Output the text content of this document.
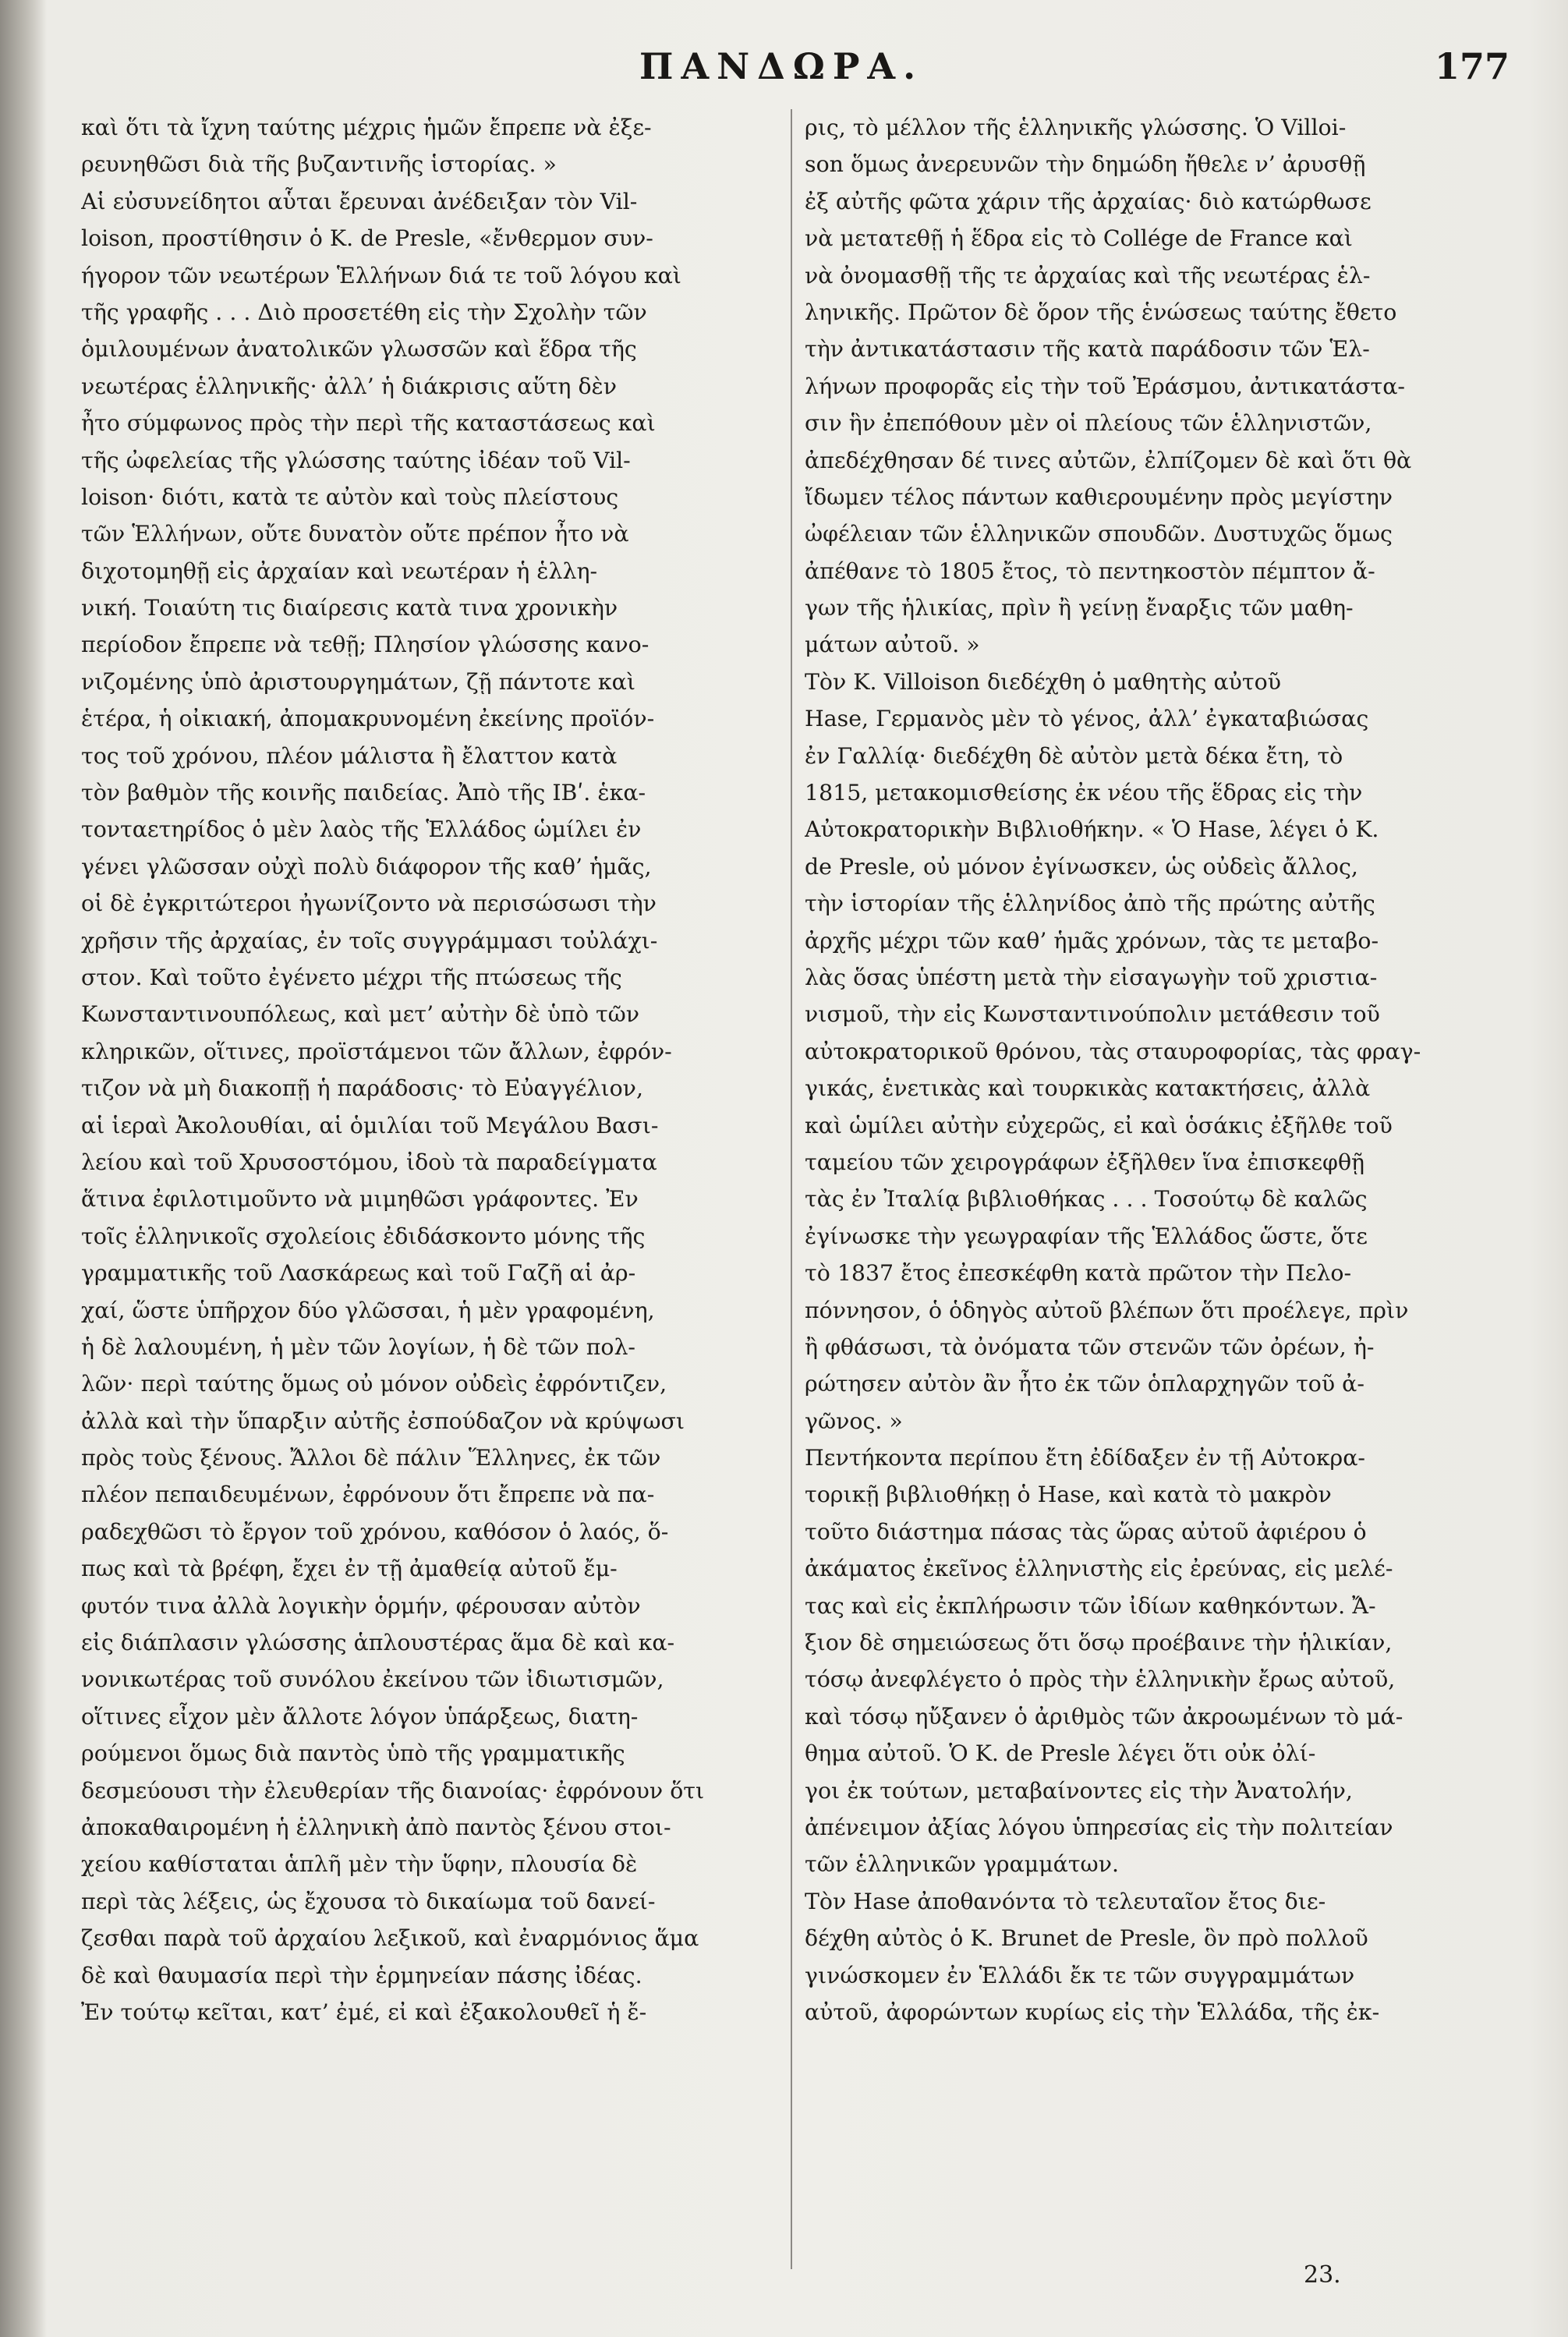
ΠΑΝΔΩΡΑ.	177
καὶ ὅτι τὰ ἴχνη ταύτης μέχρις ἡμῶν ἔπρεπε νὰ ἐξε-
ρευνηθῶσι διὰ τῆς βυζαντινῆς ἱστορίας. »
Αἱ εὐσυνείδητοι αὗται ἔρευναι ἀνέδειξαν τὸν Vil-
loison, προστίθησιν ὁ Κ. de Presle, «ἔνθερμον συν-
ήγορον τῶν νεωτέρων Ἑλλήνων διά τε τοῦ λόγου καὶ
τῆς γραφῆς . . . Διὸ προσετέθη εἰς τὴν Σχολὴν τῶν
ὁμιλουμένων ἀνατολικῶν γλωσσῶν καὶ ἕδρα τῆς
νεωτέρας ἑλληνικῆς· ἀλλ’ ἡ διάκρισις αὕτη δὲν
ἦτο σύμφωνος πρὸς τὴν περὶ τῆς καταστάσεως καὶ
τῆς ὠφελείας τῆς γλώσσης ταύτης ἰδέαν τοῦ Vil-
loison· διότι, κατὰ τε αὐτὸν καὶ τοὺς πλείστους
τῶν Ἑλλήνων, οὔτε δυνατὸν οὔτε πρέπον ἦτο νὰ
διχοτομηθῇ εἰς ἀρχαίαν καὶ νεωτέραν ἡ ἑλλη-
νική. Τοιαύτη τις διαίρεσις κατὰ τινα χρονικὴν
περίοδον ἔπρεπε νὰ τεθῇ; Πλησίον γλώσσης κανο-
νιζομένης ὑπὸ ἀριστουργημάτων, ζῇ πάντοτε καὶ
ἑτέρα, ἡ οἰκιακή, ἀπομακρυνομένη ἐκείνης προϊόν-
τος τοῦ χρόνου, πλέον μάλιστα ἢ ἔλαττον κατὰ
τὸν βαθμὸν τῆς κοινῆς παιδείας. Ἀπὸ τῆς ΙΒʹ. ἑκα-
τονταετηρίδος ὁ μὲν λαὸς τῆς Ἑλλάδος ὡμίλει ἐν
γένει γλῶσσαν οὐχὶ πολὺ διάφορον τῆς καθ’ ἡμᾶς,
οἱ δὲ ἐγκριτώτεροι ἠγωνίζοντο νὰ περισώσωσι τὴν
χρῆσιν τῆς ἀρχαίας, ἐν τοῖς συγγράμμασι τοὐλάχι-
στον. Καὶ τοῦτο ἐγένετο μέχρι τῆς πτώσεως τῆς
Κωνσταντινουπόλεως, καὶ μετ’ αὐτὴν δὲ ὑπὸ τῶν
κληρικῶν, οἵτινες, προϊστάμενοι τῶν ἄλλων, ἐφρόν-
τιζον νὰ μὴ διακοπῇ ἡ παράδοσις· τὸ Εὐαγγέλιον,
αἱ ἱεραὶ Ἀκολουθίαι, αἱ ὁμιλίαι τοῦ Μεγάλου Βασι-
λείου καὶ τοῦ Χρυσοστόμου, ἰδοὺ τὰ παραδείγματα
ἅτινα ἐφιλοτιμοῦντο νὰ μιμηθῶσι γράφοντες. Ἐν
τοῖς ἑλληνικοῖς σχολείοις ἐδιδάσκοντο μόνης τῆς
γραμματικῆς τοῦ Λασκάρεως καὶ τοῦ Γαζῆ αἱ ἀρ-
χαί, ὥστε ὑπῆρχον δύο γλῶσσαι, ἡ μὲν γραφομένη,
ἡ δὲ λαλουμένη, ἡ μὲν τῶν λογίων, ἡ δὲ τῶν πολ-
λῶν· περὶ ταύτης ὅμως οὐ μόνον οὐδεὶς ἐφρόντιζεν,
ἀλλὰ καὶ τὴν ὕπαρξιν αὐτῆς ἐσπούδαζον νὰ κρύψωσι
πρὸς τοὺς ξένους. Ἄλλοι δὲ πάλιν Ἕλληνες, ἐκ τῶν
πλέον πεπαιδευμένων, ἐφρόνουν ὅτι ἔπρεπε νὰ πα-
ραδεχθῶσι τὸ ἔργον τοῦ χρόνου, καθόσον ὁ λαός, ὅ-
πως καὶ τὰ βρέφη, ἔχει ἐν τῇ ἀμαθείᾳ αὐτοῦ ἔμ-
φυτόν τινα ἀλλὰ λογικὴν ὁρμήν, φέρουσαν αὐτὸν
εἰς διάπλασιν γλώσσης ἁπλουστέρας ἅμα δὲ καὶ κα-
νονικωτέρας τοῦ συνόλου ἐκείνου τῶν ἰδιωτισμῶν,
οἵτινες εἶχον μὲν ἄλλοτε λόγον ὑπάρξεως, διατη-
ρούμενοι ὅμως διὰ παντὸς ὑπὸ τῆς γραμματικῆς
δεσμεύουσι τὴν ἐλευθερίαν τῆς διανοίας· ἐφρόνουν ὅτι
ἀποκαθαιρομένη ἡ ἑλληνικὴ ἀπὸ παντὸς ξένου στοι-
χείου καθίσταται ἁπλῆ μὲν τὴν ὕφην, πλουσία δὲ
περὶ τὰς λέξεις, ὡς ἔχουσα τὸ δικαίωμα τοῦ δανεί-
ζεσθαι παρὰ τοῦ ἀρχαίου λεξικοῦ, καὶ ἐναρμόνιος ἅμα
δὲ καὶ θαυμασία περὶ τὴν ἑρμηνείαν πάσης ἰδέας.
Ἐν τούτῳ κεῖται, κατ’ ἐμέ, εἰ καὶ ἐξακολουθεῖ ἡ ἔ-
ρις, τὸ μέλλον τῆς ἑλληνικῆς γλώσσης. Ὁ Villoi-
son ὅμως ἀνερευνῶν τὴν δημώδη ἤθελε ν’ ἀρυσθῇ
ἐξ αὐτῆς φῶτα χάριν τῆς ἀρχαίας· διὸ κατώρθωσε
νὰ μετατεθῇ ἡ ἕδρα εἰς τὸ Collége de France καὶ
νὰ ὀνομασθῇ τῆς τε ἀρχαίας καὶ τῆς νεωτέρας ἑλ-
ληνικῆς. Πρῶτον δὲ ὅρον τῆς ἑνώσεως ταύτης ἔθετο
τὴν ἀντικατάστασιν τῆς κατὰ παράδοσιν τῶν Ἑλ-
λήνων προφορᾶς εἰς τὴν τοῦ Ἐράσμου, ἀντικατάστα-
σιν ἣν ἐπεπόθουν μὲν οἱ πλείους τῶν ἑλληνιστῶν,
ἀπεδέχθησαν δέ τινες αὐτῶν, ἐλπίζομεν δὲ καὶ ὅτι θὰ
ἴδωμεν τέλος πάντων καθιερουμένην πρὸς μεγίστην
ὠφέλειαν τῶν ἑλληνικῶν σπουδῶν. Δυστυχῶς ὅμως
ἀπέθανε τὸ 1805 ἔτος, τὸ πεντηκοστὸν πέμπτον ἄ-
γων τῆς ἡλικίας, πρὶν ἢ γείνῃ ἔναρξις τῶν μαθη-
μάτων αὐτοῦ. »
Τὸν Κ. Villoison διεδέχθη ὁ μαθητὴς αὐτοῦ
Hase, Γερμανὸς μὲν τὸ γένος, ἀλλ’ ἐγκαταβιώσας
ἐν Γαλλίᾳ· διεδέχθη δὲ αὐτὸν μετὰ δέκα ἔτη, τὸ
1815, μετακομισθείσης ἐκ νέου τῆς ἕδρας εἰς τὴν
Αὐτοκρατορικὴν Βιβλιοθήκην. « Ὁ Hase, λέγει ὁ Κ.
de Presle, οὐ μόνον ἐγίνωσκεν, ὡς οὐδεὶς ἄλλος,
τὴν ἱστορίαν τῆς ἑλληνίδος ἀπὸ τῆς πρώτης αὐτῆς
ἀρχῆς μέχρι τῶν καθ’ ἡμᾶς χρόνων, τὰς τε μεταβο-
λὰς ὅσας ὑπέστη μετὰ τὴν εἰσαγωγὴν τοῦ χριστια-
νισμοῦ, τὴν εἰς Κωνσταντινούπολιν μετάθεσιν τοῦ
αὐτοκρατορικοῦ θρόνου, τὰς σταυροφορίας, τὰς φραγ-
γικάς, ἑνετικὰς καὶ τουρκικὰς κατακτήσεις, ἀλλὰ
καὶ ὡμίλει αὐτὴν εὐχερῶς, εἰ καὶ ὁσάκις ἐξῆλθε τοῦ
ταμείου τῶν χειρογράφων ἐξῆλθεν ἵνα ἐπισκεφθῇ
τὰς ἐν Ἰταλίᾳ βιβλιοθήκας . . . Τοσούτῳ δὲ καλῶς
ἐγίνωσκε τὴν γεωγραφίαν τῆς Ἑλλάδος ὥστε, ὅτε
τὸ 1837 ἔτος ἐπεσκέφθη κατὰ πρῶτον τὴν Πελο-
πόννησον, ὁ ὁδηγὸς αὐτοῦ βλέπων ὅτι προέλεγε, πρὶν
ἢ φθάσωσι, τὰ ὀνόματα τῶν στενῶν τῶν ὀρέων, ἠ-
ρώτησεν αὐτὸν ἂν ἦτο ἐκ τῶν ὁπλαρχηγῶν τοῦ ἀ-
γῶνος. »
Πεντήκοντα περίπου ἔτη ἐδίδαξεν ἐν τῇ Αὐτοκρα-
τορικῇ βιβλιοθήκῃ ὁ Hase, καὶ κατὰ τὸ μακρὸν
τοῦτο διάστημα πάσας τὰς ὥρας αὐτοῦ ἀφιέρου ὁ
ἀκάματος ἐκεῖνος ἑλληνιστὴς εἰς ἐρεύνας, εἰς μελέ-
τας καὶ εἰς ἐκπλήρωσιν τῶν ἰδίων καθηκόντων. Ἄ-
ξιον δὲ σημειώσεως ὅτι ὅσῳ προέβαινε τὴν ἡλικίαν,
τόσῳ ἀνεφλέγετο ὁ πρὸς τὴν ἑλληνικὴν ἔρως αὐτοῦ,
καὶ τόσῳ ηὔξανεν ὁ ἀριθμὸς τῶν ἀκροωμένων τὸ μά-
θημα αὐτοῦ. Ὁ Κ. de Presle λέγει ὅτι οὐκ ὀλί-
γοι ἐκ τούτων, μεταβαίνοντες εἰς τὴν Ἀνατολήν,
ἀπένειμον ἀξίας λόγου ὑπηρεσίας εἰς τὴν πολιτείαν
τῶν ἑλληνικῶν γραμμάτων.
Τὸν Hase ἀποθανόντα τὸ τελευταῖον ἔτος διε-
δέχθη αὐτὸς ὁ Κ. Brunet de Presle, ὃν πρὸ πολλοῦ
γινώσκομεν ἐν Ἑλλάδι ἔκ τε τῶν συγγραμμάτων
αὐτοῦ, ἀφορώντων κυρίως εἰς τὴν Ἑλλάδα, τῆς ἐκ-
23.
